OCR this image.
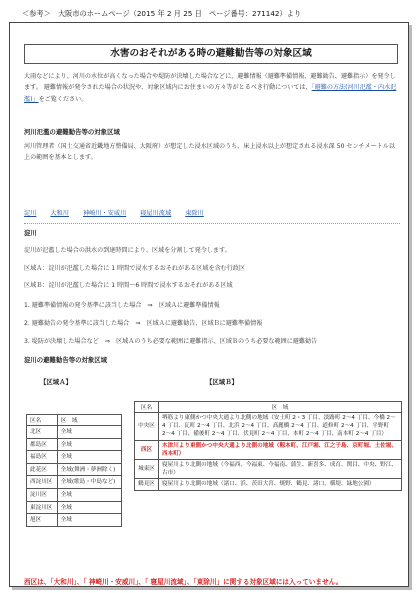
＜参考＞　大阪市のホームページ（2015 年 2 月 25 日　ページ番号：271142）より
水害のおそれがある時の避難勧告等の対象区域
大雨などにより、河川の水位が高くなった場合や堤防が決壊した場合などに、避難情報（避難準備情報、避難勧告、避難指示）を発令します。 避難情報が発令された場合の状況や、対象区域内にお住まいの方々等がとるべき行動については、「避難の方法(河川氾濫・内水氾濫)」をご覧ください。
河川氾濫の避難勧告等の対象区域
河川管理者（国土交通省近畿地方整備局、大阪府）が想定した浸水区域のうち、床上浸水以上が想定される浸水深 50 センチメートル以上の範囲を基本とします。
淀川 大和川 神崎川・安威川 寝屋川流域 東除川
淀川
淀川が氾濫した場合の洪水の到達時間により、区域を分割して発令します。
区域Ａ：淀川が氾濫した場合に 1 時間で浸水するおそれがある区域を含む行政区
区域Ｂ：淀川が氾濫した場合に 1 時間〜6 時間で浸水するおそれがある区域
1. 避難準備情報の発令基準に該当した場合　⇒　区域Ａに避難準備情報
2. 避難勧告の発令基準に該当した場合　⇒　区域Ａに避難勧告、区域Ｂに避難準備情報
3. 堤防が決壊した場合など　⇒　区域Ａのうち必要な範囲に避難指示、区域Ｂのうち必要な範囲に避難勧告
淀川の避難勧告等の対象区域
【区域Ａ】	【区域Ｂ】
区名	区　域
北区	全域
都島区	全域
福島区	全域
此花区	全域(舞洲・夢洲除く)
西淀川区	全域(歌島・中島など)
淀川区	全域
東淀川区	全域
旭区	全域
区名	区　域
中央区	堺筋より東側かつ中央大通より北側の地域（安土町 2・3 丁目、淡路町 2〜4 丁目、今橋 2〜4 丁目、瓦町 2〜4 丁目、北浜 2〜4 丁目、高麗橋 2〜4 丁目、道修町 2〜4 丁目、平野町 2〜4 丁目、備後町 2〜4 丁目、伏見町 2〜4 丁目、本町 2〜4 丁目、南本町 2〜4 丁目）
西区	木津川より東側かつ中央大通より北側の地域（靱本町、江戸堀、江之子島、京町堀、土佐堀、西本町）
城東区	寝屋川より北側の地域（今福西、今福東、今福南、蒲生、新喜多、成育、関目、中央、野江、古市）
鶴見区	寝屋川より北側の地域（諸口、浜、茨田大宮、焼野、鶴見、諸口、横堤、緑地公園）
西区は、「大和川」、「 神崎川・安威川」、「 寝屋川流域」、「東除川」に関する対象区域には入っていません。
